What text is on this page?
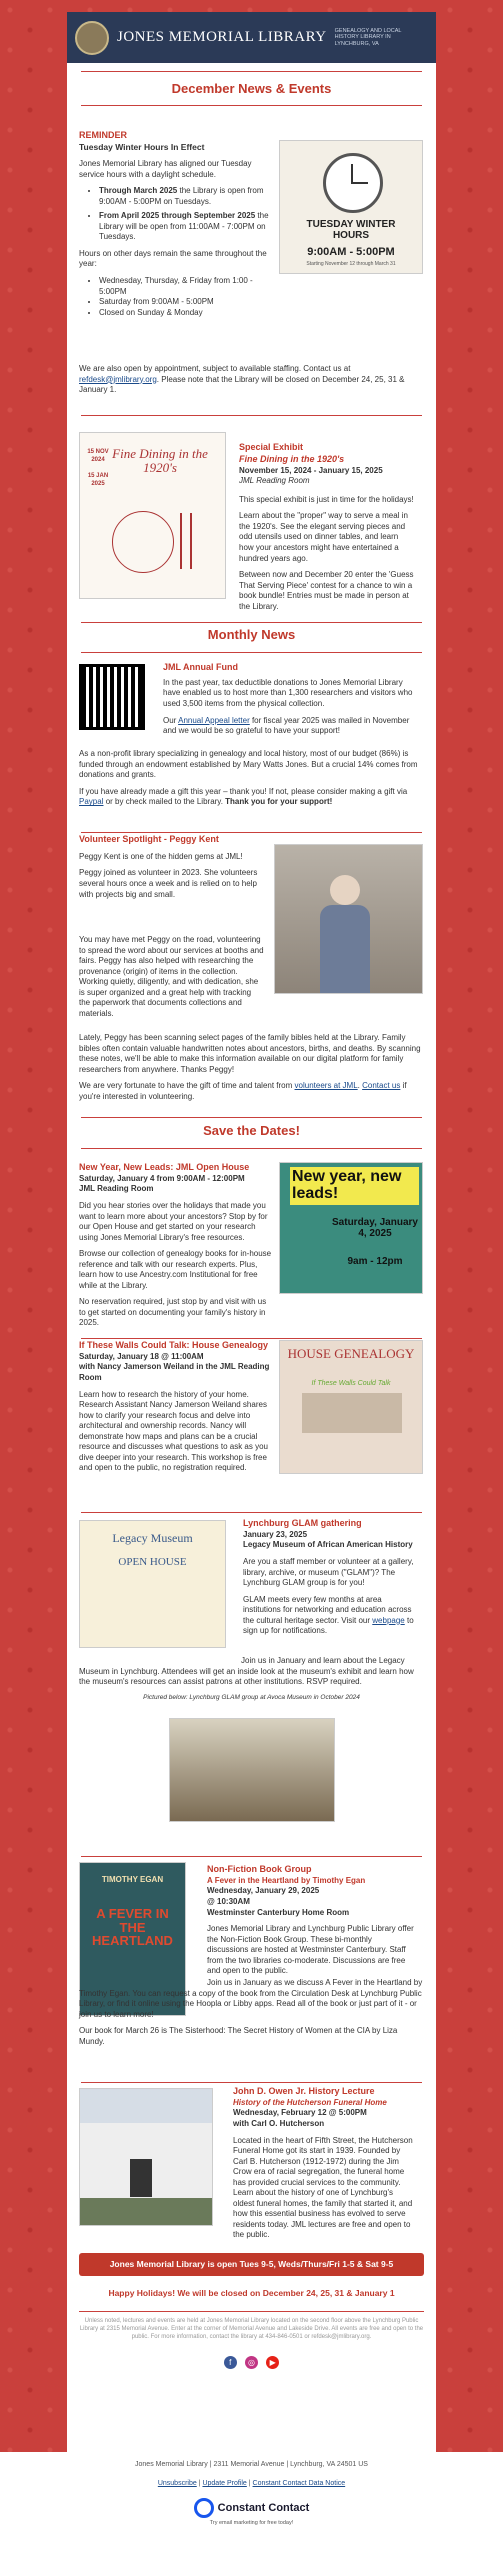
JONES MEMORIAL LIBRARY GENEALOGY AND LOCAL HISTORY LIBRARY IN LYNCHBURG, VA
December News & Events
REMINDER
Tuesday Winter Hours In Effect

Jones Memorial Library has aligned our Tuesday service hours with a daylight schedule.

• Through March 2025 the Library is open from 9:00AM - 5:00PM on Tuesdays.
• From April 2025 through September 2025 the Library will be open from 11:00AM - 7:00PM on Tuesdays.

Hours on other days remain the same throughout the year:

• Wednesday, Thursday, & Friday from 1:00 - 5:00PM
• Saturday from 9:00AM - 5:00PM
• Closed on Sunday & Monday

We are also open by appointment, subject to available staffing. Contact us at refdesk@jmlibrary.org. Please note that the Library will be closed on December 24, 25, 31 & January 1.

TUESDAY WINTER HOURS
9:00AM - 5:00PM
Starting November 12 through March 31
Fine Dining in the 1920's
15 NOV 2024
15 JAN 2025
Special Exhibit
Fine Dining in the 1920's
November 15, 2024 - January 15, 2025
JML Reading Room

This special exhibit is just in time for the holidays!

Learn about the "proper" way to serve a meal in the 1920's. See the elegant serving pieces and odd utensils used on dinner tables, and learn how your ancestors might have entertained a hundred years ago.

Between now and December 20 enter the 'Guess That Serving Piece' contest for a chance to win a book bundle! Entries must be made in person at the Library.

Monthly News
JML Annual Fund

In the past year, tax deductible donations to Jones Memorial Library have enabled us to host more than 1,300 researchers and visitors who used 3,500 items from the physical collection.

Our Annual Appeal letter for fiscal year 2025 was mailed in November and we would be so grateful to have your support!

As a non-profit library specializing in genealogy and local history, most of our budget (86%) is funded through an endowment established by Mary Watts Jones. But a crucial 14% comes from donations and grants.

If you have already made a gift this year – thank you! If not, please consider making a gift via Paypal or by check mailed to the Library. Thank you for your support!

Volunteer Spotlight - Peggy Kent

Peggy Kent is one of the hidden gems at JML!

Peggy joined as volunteer in 2023. She volunteers several hours once a week and is relied on to help with projects big and small.

You may have met Peggy on the road, volunteering to spread the word about our services at booths and fairs. Peggy has also helped with researching the provenance (origin) of items in the collection. Working quietly, diligently, and with dedication, she is super organized and a great help with tracking the paperwork that documents collections and materials.

Lately, Peggy has been scanning select pages of the family bibles held at the Library. Family bibles often contain valuable handwritten notes about ancestors, births, and deaths. By scanning these notes, we'll be able to make this information available on our digital platform for family researchers from anywhere. Thanks Peggy!

We are very fortunate to have the gift of time and talent from volunteers at JML. Contact us if you're interested in volunteering.

Save the Dates!
New Year, New Leads: JML Open House
Saturday, January 4 from 9:00AM - 12:00PM
JML Reading Room

Did you hear stories over the holidays that made you want to learn more about your ancestors? Stop by for our Open House and get started on your research using Jones Memorial Library's free resources.

Browse our collection of genealogy books for in-house reference and talk with our research experts. Plus, learn how to use Ancestry.com Institutional for free while at the Library.

No reservation required, just stop by and visit with us to get started on documenting your family's history in 2025.

New year, new leads!
Saturday, January 4, 2025
9am - 12pm
If These Walls Could Talk: House Genealogy
Saturday, January 18 @ 11:00AM
with Nancy Jamerson Weiland in the JML Reading Room

Learn how to research the history of your home. Research Assistant Nancy Jamerson Weiland shares how to clarify your research focus and delve into architectural and ownership records. Nancy will demonstrate how maps and plans can be a crucial resource and discusses what questions to ask as you dive deeper into your research. This workshop is free and open to the public, no registration required.

HOUSE GENEALOGY
If These Walls Could Talk
Legacy Museum
OPEN HOUSE
Lynchburg GLAM gathering
January 23, 2025
Legacy Museum of African American History

Are you a staff member or volunteer at a gallery, library, archive, or museum ("GLAM")? The Lynchburg GLAM group is for you!

GLAM meets every few months at area institutions for networking and education across the cultural heritage sector. Visit our webpage to sign up for notifications.

Join us in January and learn about the Legacy Museum in Lynchburg. Attendees will get an inside look at the museum's exhibit and learn how the museum's resources can assist patrons at other institutions. RSVP required.

Pictured below: Lynchburg GLAM group at Avoca Museum in October 2024

TIMOTHY EGAN
A FEVER IN THE HEARTLAND
Non-Fiction Book Group
A Fever in the Heartland by Timothy Egan
Wednesday, January 29, 2025
@ 10:30AM
Westminster Canterbury Home Room

Jones Memorial Library and Lynchburg Public Library offer the Non-Fiction Book Group. These bi-monthly discussions are hosted at Westminster Canterbury. Staff from the two libraries co-moderate. Discussions are free and open to the public.

Join us in January as we discuss A Fever in the Heartland by Timothy Egan. You can request a copy of the book from the Circulation Desk at Lynchburg Public Library, or find it online using the Hoopla or Libby apps. Read all of the book or just part of it - or join us to learn more!

Our book for March 26 is The Sisterhood: The Secret History of Women at the CIA by Liza Mundy.

John D. Owen Jr. History Lecture
History of the Hutcherson Funeral Home
Wednesday, February 12 @ 5:00PM
with Carl O. Hutcherson

Located in the heart of Fifth Street, the Hutcherson Funeral Home got its start in 1939. Founded by Carl B. Hutcherson (1912-1972) during the Jim Crow era of racial segregation, the funeral home has provided crucial services to the community. Learn about the history of one of Lynchburg's oldest funeral homes, the family that started it, and how this essential business has evolved to serve residents today. JML lectures are free and open to the public.

Jones Memorial Library is open Tues 9-5, Weds/Thurs/Fri 1-5 & Sat 9-5
Happy Holidays! We will be closed on December 24, 25, 31 & January 1

Unless noted, lectures and events are held at Jones Memorial Library located on the second floor above the Lynchburg Public Library at 2315 Memorial Avenue. Enter at the corner of Memorial Avenue and Lakeside Drive. All events are free and open to the public. For more information, contact the library at 434-846-0501 or refdesk@jmlibrary.org.

f ◎ ▶
Jones Memorial Library | 2311 Memorial Avenue | Lynchburg, VA 24501 US
Unsubscribe | Update Profile | Constant Contact Data Notice
Constant Contact
Try email marketing for free today!
